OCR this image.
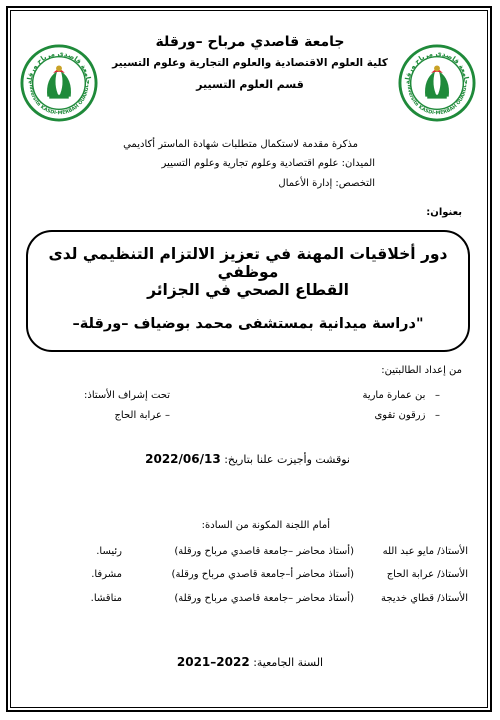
جامعة قاصدي مرباح ورقلة
niversité KASDI-MERBAH OUARGL
جامعة قاصدي مرباح ورقلة
niversité KASDI-MERBAH OUARGL
جامعة قاصدي مرباح –ورقلة
كلية العلوم الاقتصادية والعلوم التجارية وعلوم التسيير
قسم العلوم التسيير
مذكرة مقدمة لاستكمال متطلبات شهادة الماستر أكاديمي
الميدان: علوم اقتصادية وعلوم تجارية وعلوم التسيير
التخصص: إدارة الأعمال
بعنوان:
دور أخلاقيات المهنة في تعزيز الالتزام التنظيمي لدى موظفي
القطاع الصحي في الجزائر
"دراسة ميدانية بمستشفى محمد بوضياف –ورقلة–
من إعداد الطالبتين:
–   بن عمارة مارية
–   زرقون تقوى
تحت إشراف الأستاذ:
– عرابة الحاج
نوقشت وأجيزت علنا بتاريخ: 2022/06/13
أمام اللجنة المكونة من السادة:
الأستاذ/ مايو عبد الله
(أستاذ محاضر –جامعة قاصدي مرباح ورقلة)
رئيسا.
الأستاذ/ عرابة الحاج
(أستاذ محاضر أ–جامعة قاصدي مرباح ورقلة)
مشرفا.
الأستاذ/ قطاي خديجة
(أستاذ محاضر –جامعة قاصدي مرباح ورقلة)
مناقشا.
السنة الجامعية: 2022–2021
